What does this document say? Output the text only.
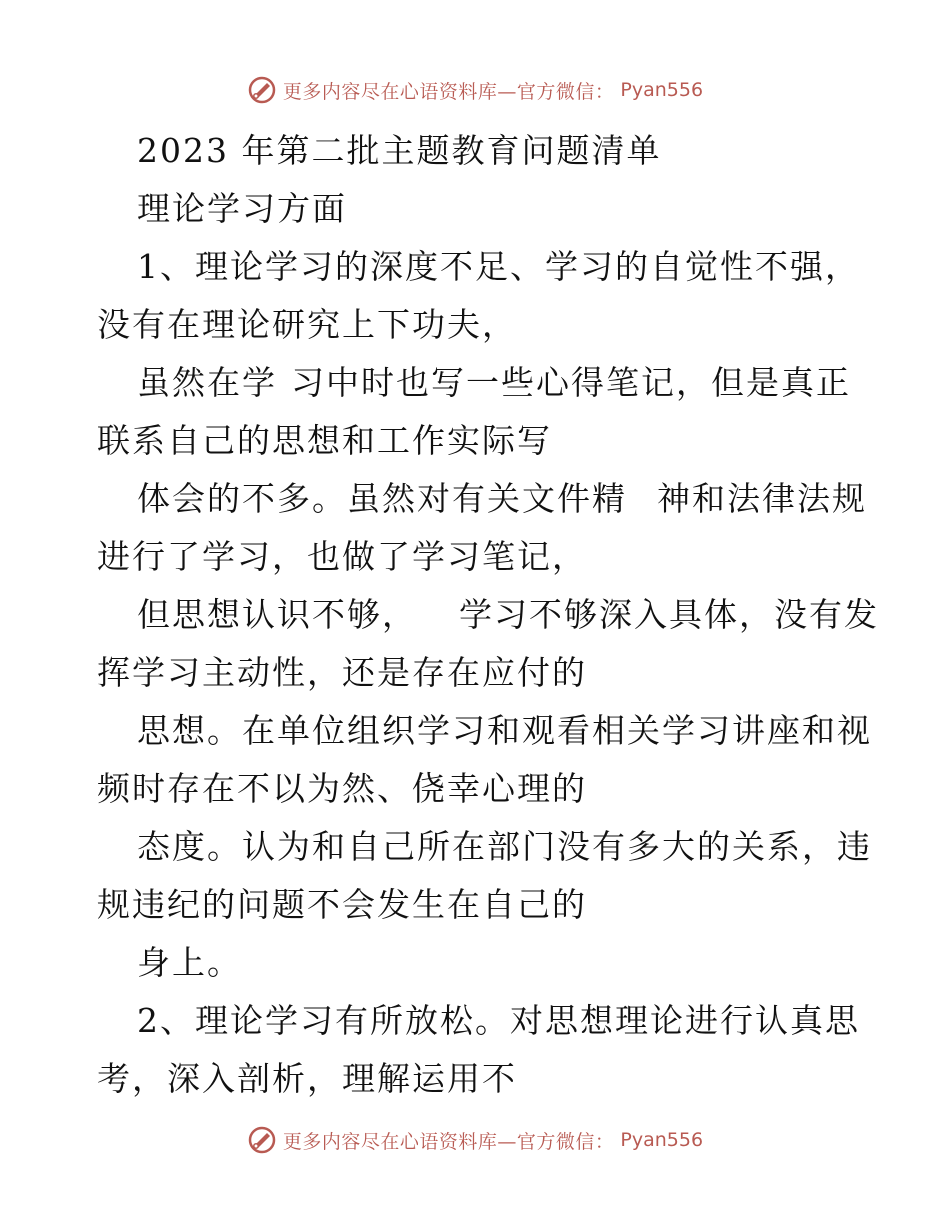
更多内容尽在心语资料库—官方微信： Pyan556
2023 年第二批主题教育问题清单
理论学习方面
1、理论学习的深度不足、学习的自觉性不强，
没有在理论研究上下功夫，
虽然在学 习中时也写一些心得笔记，但是真正
联系自己的思想和工作实际写
体会的不多。虽然对有关文件精 神和法律法规
进行了学习，也做了学习笔记，
但思想认识不够， 学习不够深入具体，没有发
挥学习主动性，还是存在应付的
思想。在单位组织学习和观看相关学习讲座和视
频时存在不以为然、侥幸心理的
态度。认为和自己所在部门没有多大的关系，违
规违纪的问题不会发生在自己的
身上。
2、理论学习有所放松。对思想理论进行认真思
考，深入剖析，理解运用不
更多内容尽在心语资料库—官方微信： Pyan556
